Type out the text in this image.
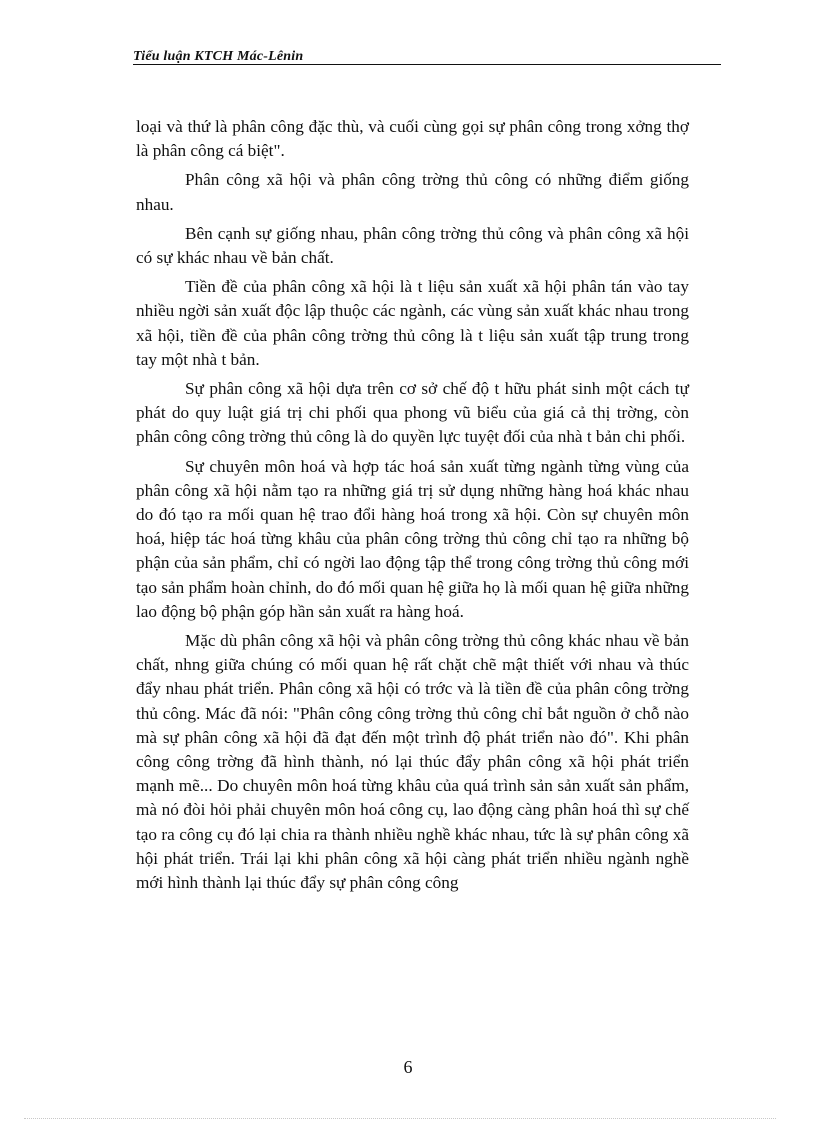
Tiểu luận KTCH Mác-Lênin

loại và thứ là phân công đặc thù, và cuối cùng gọi sự phân công trong xởng thợ là phân công cá biệt".

Phân công xã hội và phân công trờng thủ công có những điểm giống nhau.

Bên cạnh sự giống nhau, phân công trờng thủ công và phân công xã hội có sự khác nhau về bản chất.

Tiền đề của phân công xã hội là t liệu sản xuất xã hội phân tán vào tay nhiều ngời sản xuất độc lập thuộc các ngành, các vùng sản xuất khác nhau trong xã hội, tiền đề của phân công trờng thủ công là t liệu sản xuất tập trung trong tay một nhà t bản.

Sự phân công xã hội dựa trên cơ sở chế độ t hữu phát sinh một cách tự phát do quy luật giá trị chi phối qua phong vũ biểu của giá cả thị trờng, còn phân công công trờng thủ công là do quyền lực tuyệt đối của nhà t bản chi phối.

Sự chuyên môn hoá và hợp tác hoá sản xuất từng ngành từng vùng của phân công xã hội nằm tạo ra những giá trị sử dụng những hàng hoá khác nhau do đó tạo ra mối quan hệ trao đổi hàng hoá trong xã hội. Còn sự chuyên môn hoá, hiệp tác hoá từng khâu của phân công trờng thủ công chỉ tạo ra những bộ phận của sản phẩm, chỉ có ngời lao động tập thể trong công trờng thủ công mới tạo sản phẩm hoàn chỉnh, do đó mối quan hệ giữa họ là mối quan hệ giữa những lao động bộ phận góp hần sản xuất ra hàng hoá.

Mặc dù phân công xã hội và phân công trờng thủ công khác nhau về bản chất, nhng giữa chúng có mối quan hệ rất chặt chẽ mật thiết với nhau và thúc đẩy nhau phát triển. Phân công xã hội có trớc và là tiền đề của phân công trờng thủ công. Mác đã nói: "Phân công công trờng thủ công chỉ bắt nguồn ở chỗ nào mà sự phân công xã hội đã đạt đến một trình độ phát triển nào đó". Khi phân công công trờng đã hình thành, nó lại thúc đẩy phân công xã hội phát triển mạnh mẽ... Do chuyên môn hoá từng khâu của quá trình sản sản xuất sản phẩm, mà nó đòi hỏi phải chuyên môn hoá công cụ, lao động càng phân hoá thì sự chế tạo ra công cụ đó lại chia ra thành nhiều nghề khác nhau, tức là sự phân công xã hội phát triển. Trái lại khi phân công xã hội càng phát triển nhiều ngành nghề mới hình thành lại thúc đẩy sự phân công công

6
